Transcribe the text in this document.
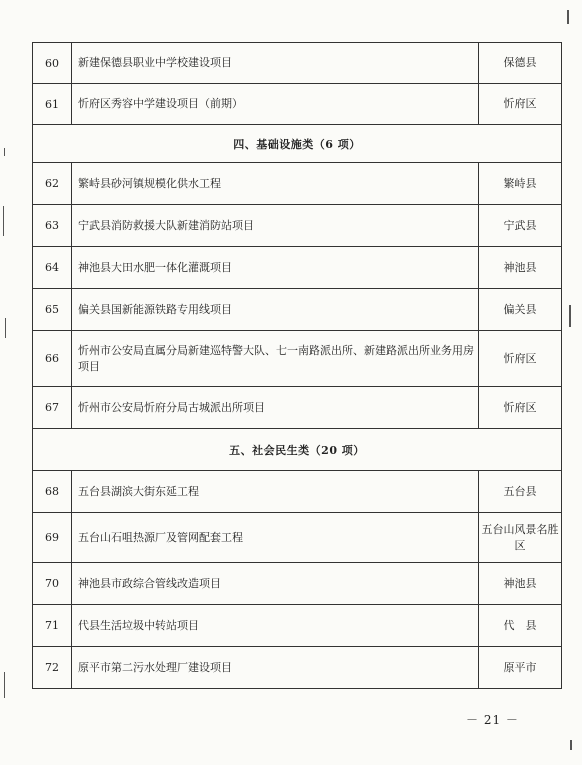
60	新建保德县职业中学校建设项目	保德县
61	忻府区秀容中学建设项目（前期）	忻府区
四、基础设施类（6 项）		
62	繁峙县砂河镇规模化供水工程	繁峙县
63	宁武县消防救援大队新建消防站项目	宁武县
64	神池县大田水肥一体化灌溉项目	神池县
65	偏关县国新能源铁路专用线项目	偏关县
66	忻州市公安局直属分局新建巡特警大队、七一南路派出所、新建路派出所业务用房项目	忻府区
67	忻州市公安局忻府分局古城派出所项目	忻府区
五、社会民生类（20 项）		
68	五台县湖滨大街东延工程	五台县
69	五台山石咀热源厂及管网配套工程	五台山风景名胜区
70	神池县市政综合管线改造项目	神池县
71	代县生活垃圾中转站项目	代　县
72	原平市第二污水处理厂建设项目	原平市
－ 21 －
